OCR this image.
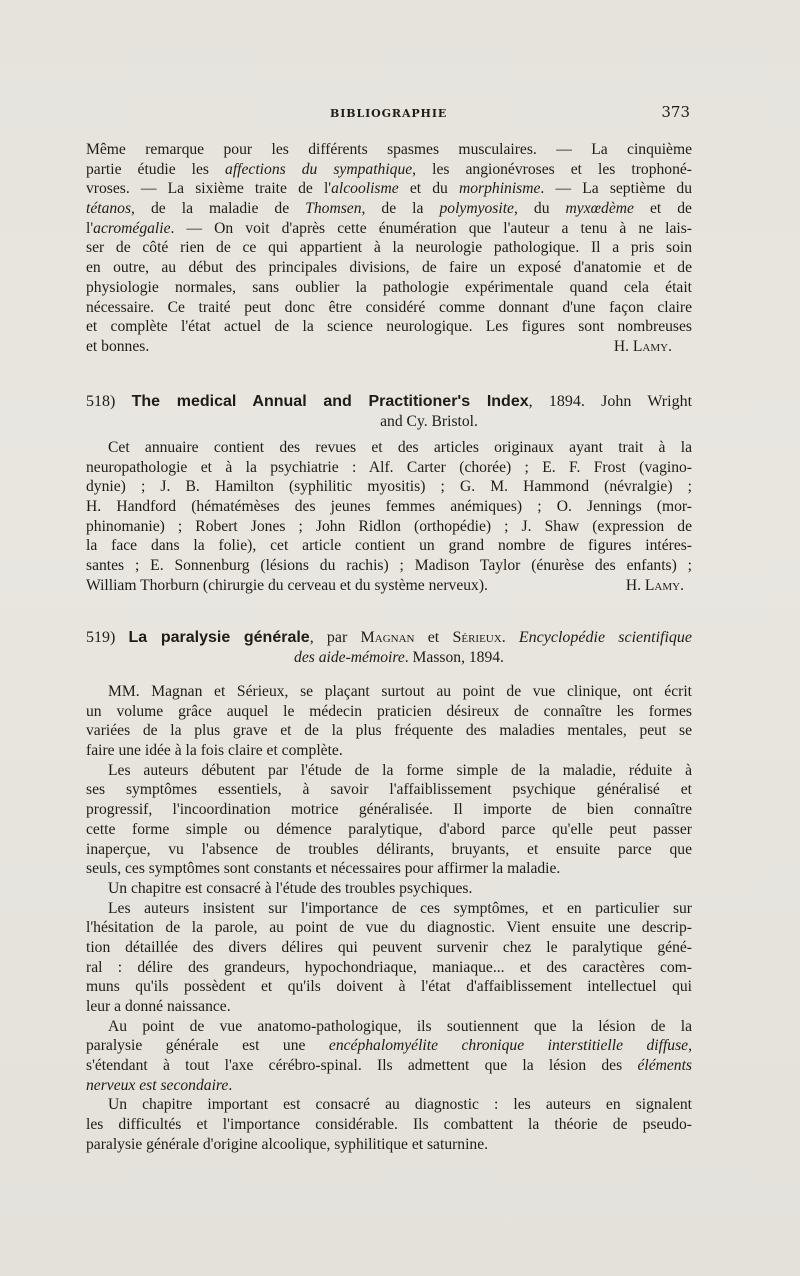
BIBLIOGRAPHIE	373
Même remarque pour les différents spasmes musculaires. — La cinquième
partie étudie les affections du sympathique, les angionévroses et les trophoné-
vroses. — La sixième traite de l'alcoolisme et du morphinisme. — La septième du
tétanos, de la maladie de Thomsen, de la polymyosite, du myxœdème et de
l'acromégalie. — On voit d'après cette énumération que l'auteur a tenu à ne lais-
ser de côté rien de ce qui appartient à la neurologie pathologique. Il a pris soin
en outre, au début des principales divisions, de faire un exposé d'anatomie et de
physiologie normales, sans oublier la pathologie expérimentale quand cela était
nécessaire. Ce traité peut donc être considéré comme donnant d'une façon claire
et complète l'état actuel de la science neurologique. Les figures sont nombreuses
et bonnes.	H. Lamy.
518) The medical Annual and Practitioner's Index, 1894. John Wright
and Cy. Bristol.
Cet annuaire contient des revues et des articles originaux ayant trait à la
neuropathologie et à la psychiatrie : Alf. Carter (chorée) ; E. F. Frost (vagino-
dynie) ; J. B. Hamilton (syphilitic myositis) ; G. M. Hammond (névralgie) ;
H. Handford (hématémèses des jeunes femmes anémiques) ; O. Jennings (mor-
phinomanie) ; Robert Jones ; John Ridlon (orthopédie) ; J. Shaw (expression de
la face dans la folie), cet article contient un grand nombre de figures intéres-
santes ; E. Sonnenburg (lésions du rachis) ; Madison Taylor (énurèse des enfants) ;
William Thorburn (chirurgie du cerveau et du système nerveux).	H. Lamy.
519) La paralysie générale, par Magnan et Sérieux. Encyclopédie scientifique
des aide-mémoire. Masson, 1894.
MM. Magnan et Sérieux, se plaçant surtout au point de vue clinique, ont écrit
un volume grâce auquel le médecin praticien désireux de connaître les formes
variées de la plus grave et de la plus fréquente des maladies mentales, peut se
faire une idée à la fois claire et complète.
Les auteurs débutent par l'étude de la forme simple de la maladie, réduite à
ses symptômes essentiels, à savoir l'affaiblissement psychique généralisé et
progressif, l'incoordination motrice généralisée. Il importe de bien connaître
cette forme simple ou démence paralytique, d'abord parce qu'elle peut passer
inaperçue, vu l'absence de troubles délirants, bruyants, et ensuite parce que
seuls, ces symptômes sont constants et nécessaires pour affirmer la maladie.
Un chapitre est consacré à l'étude des troubles psychiques.
Les auteurs insistent sur l'importance de ces symptômes, et en particulier sur
l'hésitation de la parole, au point de vue du diagnostic. Vient ensuite une descrip-
tion détaillée des divers délires qui peuvent survenir chez le paralytique géné-
ral : délire des grandeurs, hypochondriaque, maniaque... et des caractères com-
muns qu'ils possèdent et qu'ils doivent à l'état d'affaiblissement intellectuel qui
leur a donné naissance.
Au point de vue anatomo-pathologique, ils soutiennent que la lésion de la
paralysie générale est une encéphalomyélite chronique interstitielle diffuse,
s'étendant à tout l'axe cérébro-spinal. Ils admettent que la lésion des éléments
nerveux est secondaire.
Un chapitre important est consacré au diagnostic : les auteurs en signalent
les difficultés et l'importance considérable. Ils combattent la théorie de pseudo-
paralysie générale d'origine alcoolique, syphilitique et saturnine.
